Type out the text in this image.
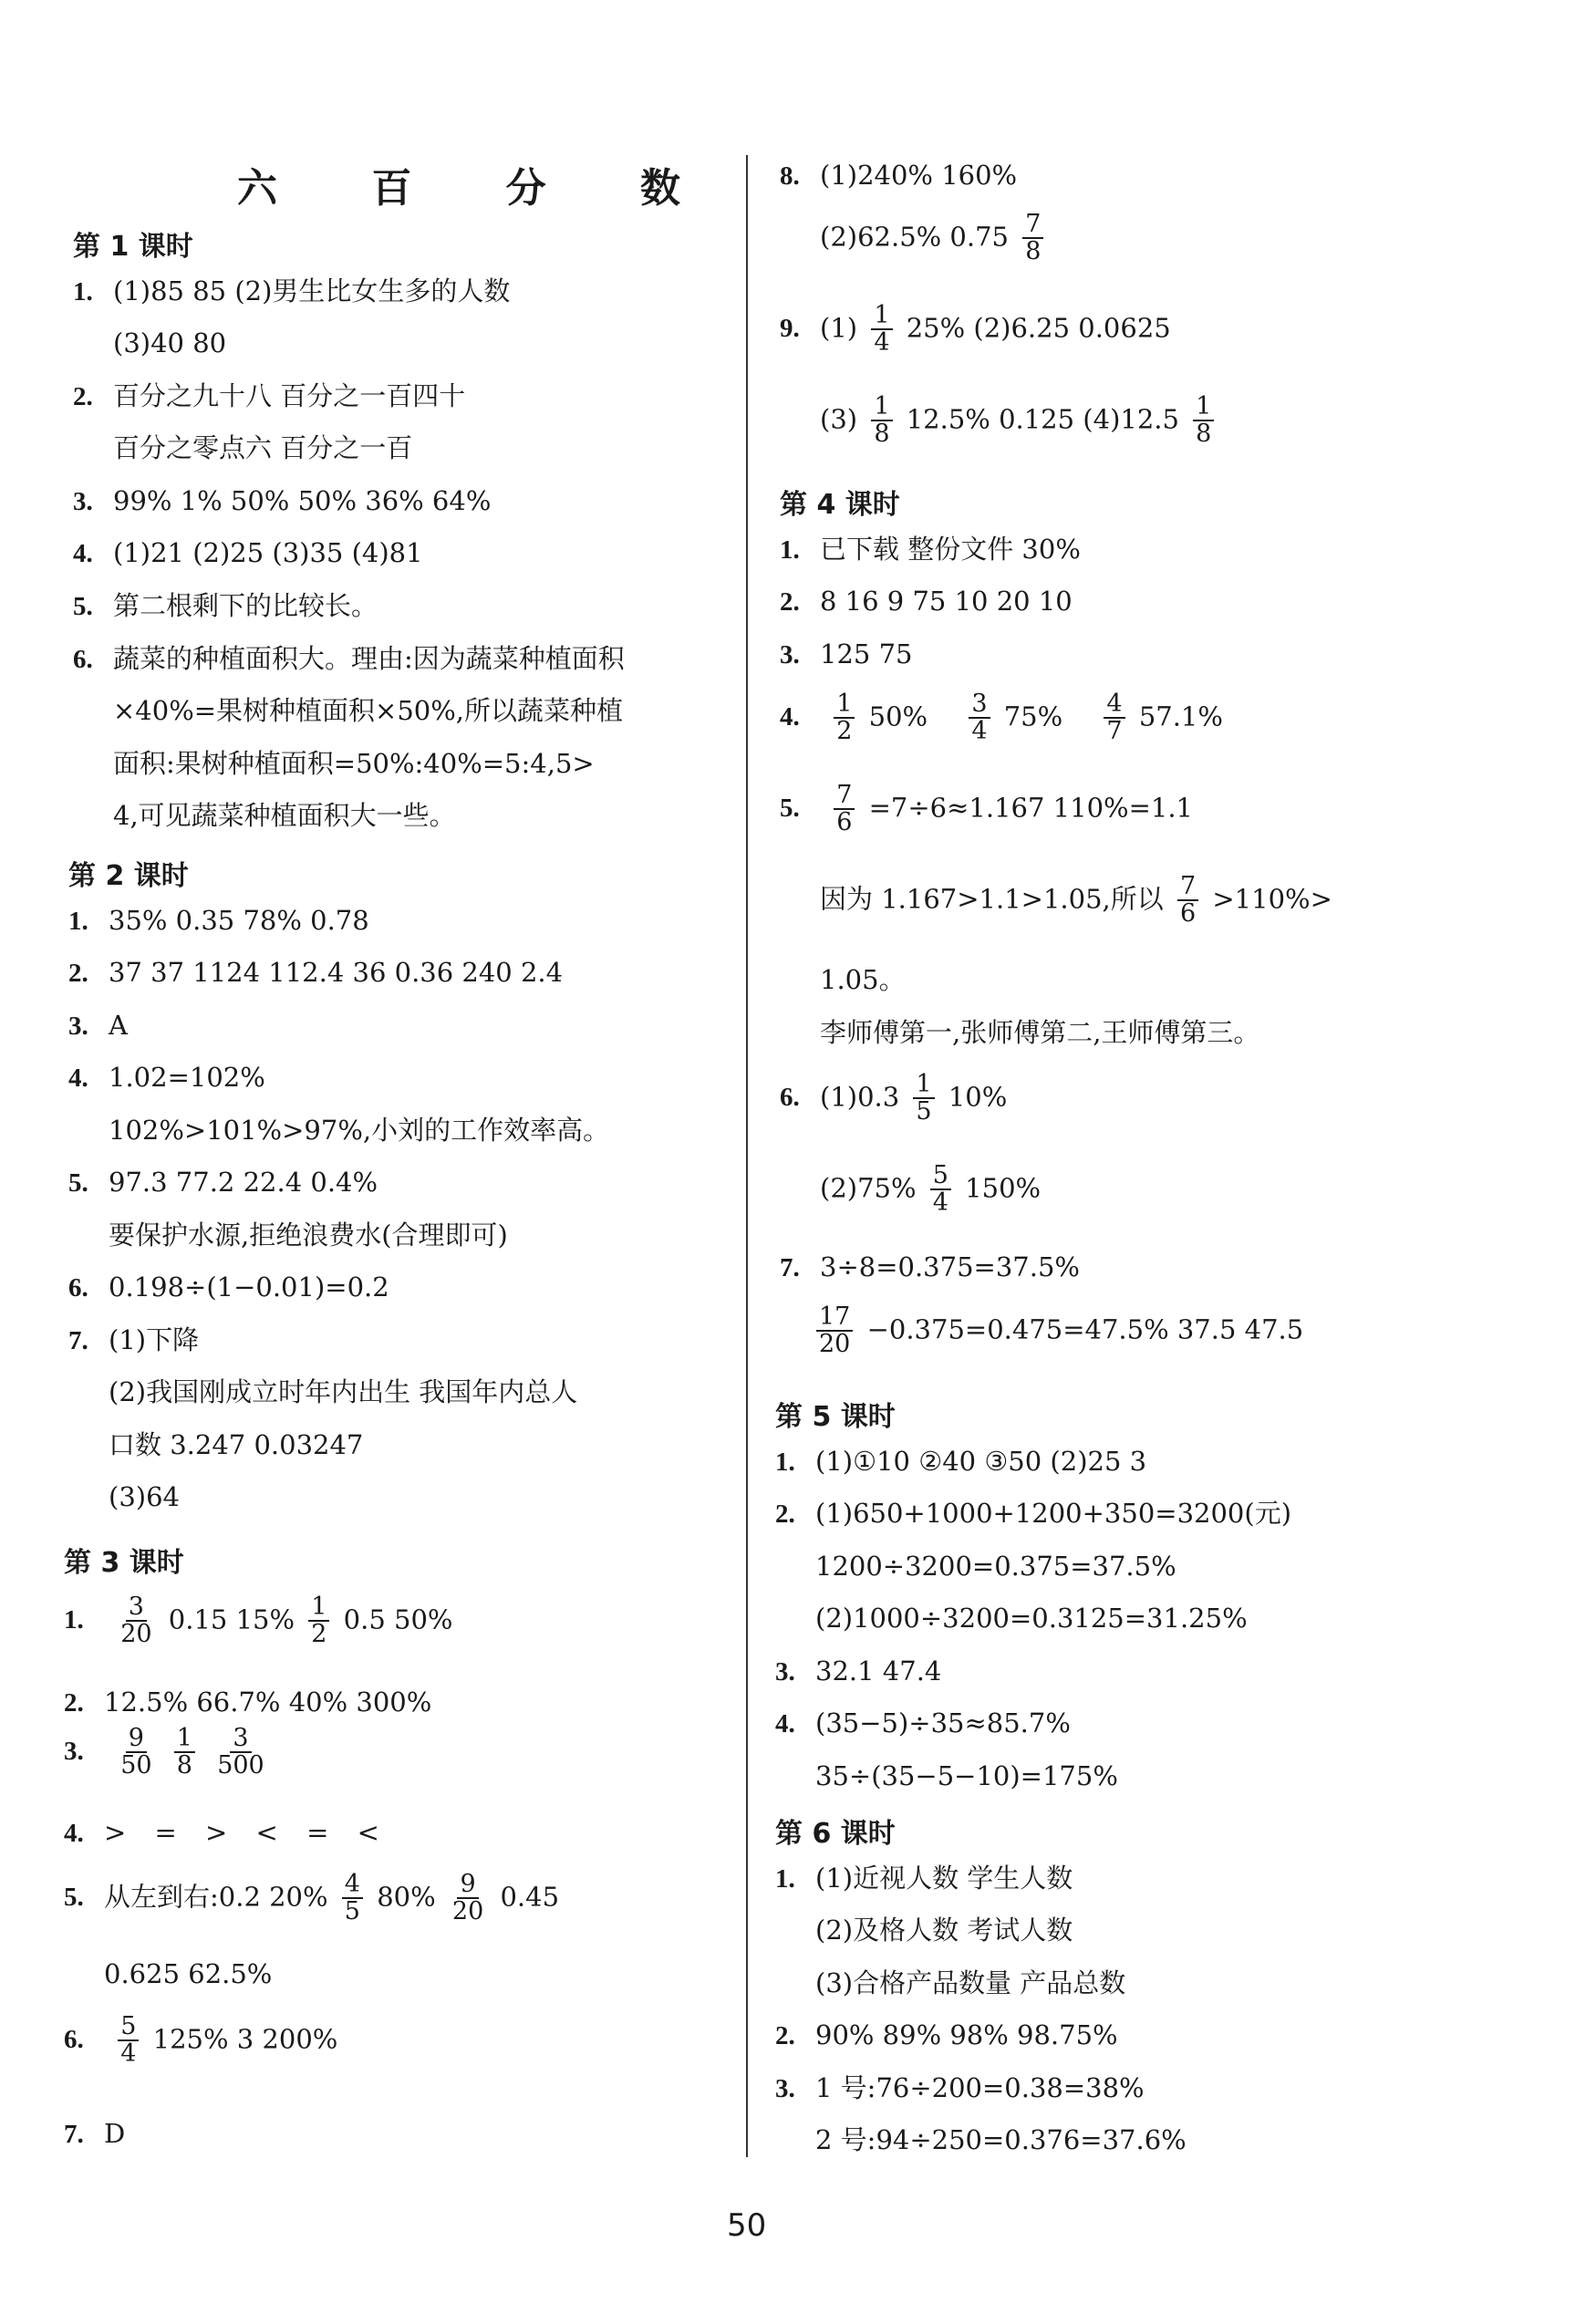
六 百 分 数
第 1 课时
1. (1)85 85 (2)男生比女生多的人数
(3)40 80
2. 百分之九十八 百分之一百四十
百分之零点六 百分之一百
3. 99% 1% 50% 50% 36% 64%
4. (1)21 (2)25 (3)35 (4)81
5. 第二根剩下的比较长。
6. 蔬菜的种植面积大。理由:因为蔬菜种植面积
×40%=果树种植面积×50%,所以蔬菜种植
面积:果树种植面积=50%:40%=5:4,5>
4,可见蔬菜种植面积大一些。
第 2 课时
1. 35% 0.35 78% 0.78
2. 37 37 1124 112.4 36 0.36 240 2.4
3. A
4. 1.02=102%
102%>101%>97%,小刘的工作效率高。
5. 97.3 77.2 22.4 0.4%
要保护水源,拒绝浪费水(合理即可)
6. 0.198÷(1−0.01)=0.2
7. (1)下降
(2)我国刚成立时年内出生 我国年内总人
口数 3.247 0.03247
(3)64
第 3 课时
1. $\frac{3}{20} 0.15$ $15\% \frac{1}{2} 0.5$ 50%
2. 12.5% 66.7% 40% 300%
3. $\frac{9}{50}$
$\frac{1}{8}$
$\frac{3}{500}$
4. > = > < = <
5. 从左到右:0.2 $20\% \frac{4}{5} 80\% \frac{9}{20} 0.45$
0.625 62.5%
6. $\frac{5}{4} 125\%$ 3 200%
7. D
8. (1)240% 160%
(2)62.5% $0.75 \frac{7}{8}$
9. $(1) \frac{1}{4} 25\%$ (2)6.25 0.0625
$(3) \frac{1}{8} 12.5\%$ 0.125 $(4)12.5 \frac{1}{8}$
第 4 课时
1. 已下载 整份文件 30%
2. 8 16 9 75 10 20 10
3. 125 75
4. $\frac{1}{2} 50\% \frac{3}{4} 75\% \frac{4}{7} 57.1\%$
5. $\frac{7}{6} =7\div 6\approx 1.167$ 110%=1.1
因为 1.167>1.1>1.05,所以 $\frac{7}{6} >110\%>$
1.05。
李师傅第一,张师傅第二,王师傅第三。
6. $(1)0.3 \frac{1}{5} 10\%$
$(2)75\% \frac{5}{4} 150\%$
7. 3÷8=0.375=37.5%
$\frac{17}{20} -0.375=0.475=47.5\%$ 37.5 47.5
第 5 课时
1. (1)①10 ②40 ③50 (2)25 3
2. (1)650+1000+1200+350=3200(元)
1200÷3200=0.375=37.5%
(2)1000÷3200=0.3125=31.25%
3. 32.1 47.4
4. (35−5)÷35≈85.7%
35÷(35−5−10)=175%
第 6 课时
1. (1)近视人数 学生人数
(2)及格人数 考试人数
(3)合格产品数量 产品总数
2. 90% 89% 98% 98.75%
3. 1 号:76÷200=0.38=38%
2 号:94÷250=0.376=37.6%
50
